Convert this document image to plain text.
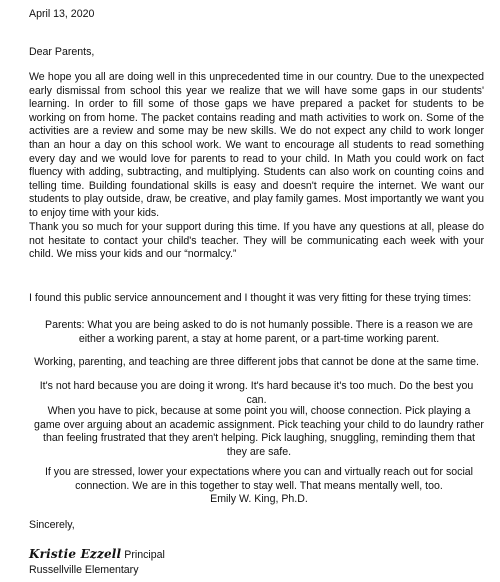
April 13, 2020

Dear Parents,

We hope you all are doing well in this unprecedented time in our country. Due to the unexpected early dismissal from school this year we realize that we will have some gaps in our students' learning. In order to fill some of those gaps we have prepared a packet for students to be working on from home. The packet contains reading and math activities to work on. Some of the activities are a review and some may be new skills. We do not expect any child to work longer than an hour a day on this school work. We want to encourage all students to read something every day and we would love for parents to read to your child. In Math you could work on fact fluency with adding, subtracting, and multiplying. Students can also work on counting coins and telling time. Building foundational skills is easy and doesn't require the internet. We want our students to play outside, draw, be creative, and play family games. Most importantly we want you to enjoy time with your kids.

Thank you so much for your support during this time. If you have any questions at all, please do not hesitate to contact your child's teacher. They will be communicating each week with your child. We miss your kids and our “normalcy.”

I found this public service announcement and I thought it was very fitting for these trying times:

Parents: What you are being asked to do is not humanly possible. There is a reason we are either a working parent, a stay at home parent, or a part-time working parent.

Working, parenting, and teaching are three different jobs that cannot be done at the same time.

It's not hard because you are doing it wrong. It's hard because it's too much. Do the best you can.

When you have to pick, because at some point you will, choose connection. Pick playing a game over arguing about an academic assignment. Pick teaching your child to do laundry rather than feeling frustrated that they aren't helping. Pick laughing, snuggling, reminding them that they are safe.

If you are stressed, lower your expectations where you can and virtually reach out for social connection. We are in this together to stay well. That means mentally well, too.

Emily W. King, Ph.D.

Sincerely,

Kristie Ezzell Principal

Russellville Elementary
